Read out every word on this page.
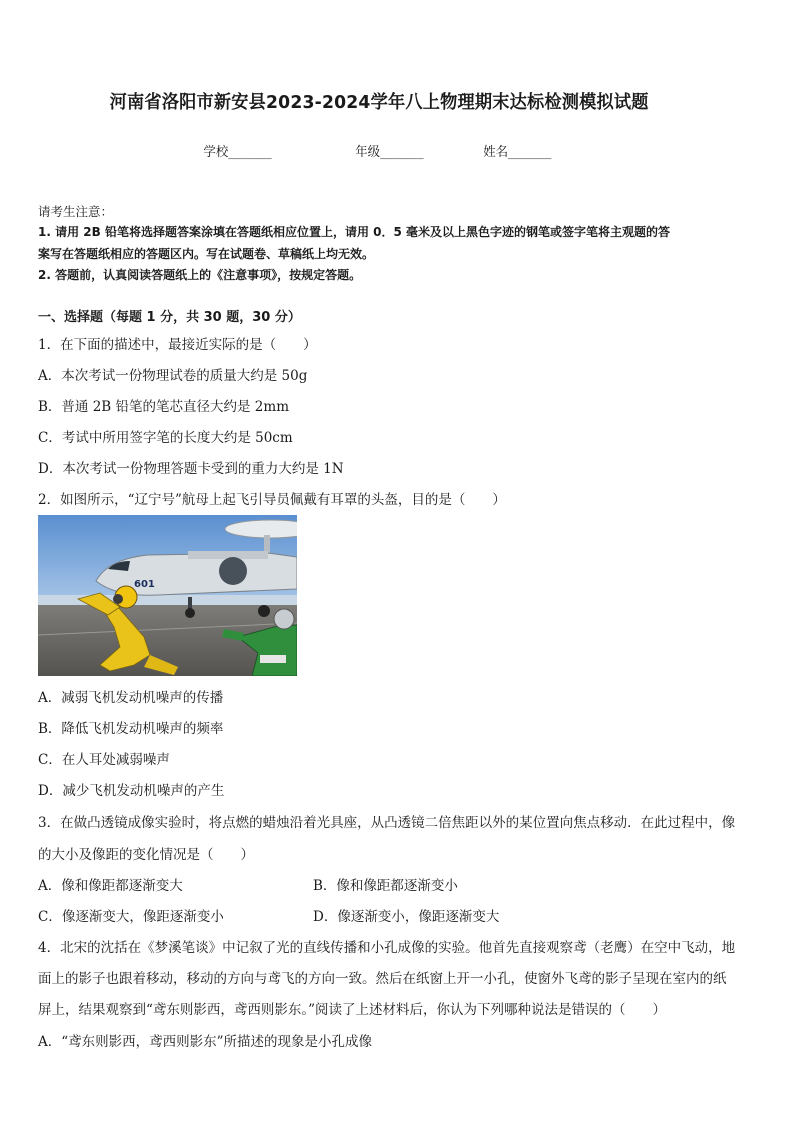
河南省洛阳市新安县2023-2024学年八上物理期末达标检测模拟试题
学校_______	年级_______	姓名_______
请考生注意：
1. 请用 2B 铅笔将选择题答案涂填在答题纸相应位置上，请用 0．5 毫米及以上黑色字迹的钢笔或签字笔将主观题的答
案写在答题纸相应的答题区内。写在试题卷、草稿纸上均无效。
2. 答题前，认真阅读答题纸上的《注意事项》，按规定答题。
一、选择题（每题 1 分，共 30 题，30 分）
1．在下面的描述中，最接近实际的是（　　）
A．本次考试一份物理试卷的质量大约是 50g
B．普通 2B 铅笔的笔芯直径大约是 2mm
C．考试中所用签字笔的长度大约是 50cm
D．本次考试一份物理答题卡受到的重力大约是 1N
2．如图所示，“辽宁号”航母上起飞引导员佩戴有耳罩的头盔，目的是（　　）
601
A．减弱飞机发动机噪声的传播
B．降低飞机发动机噪声的频率
C．在人耳处减弱噪声
D．减少飞机发动机噪声的产生
3．在做凸透镜成像实验时，将点燃的蜡烛沿着光具座，从凸透镜二倍焦距以外的某位置向焦点移动．在此过程中，像
的大小及像距的变化情况是（　　）
A．像和像距都逐渐变大	B．像和像距都逐渐变小
C．像逐渐变大，像距逐渐变小	D．像逐渐变小，像距逐渐变大
4．北宋的沈括在《梦溪笔谈》中记叙了光的直线传播和小孔成像的实验。他首先直接观察鸢（老鹰）在空中飞动，地
面上的影子也跟着移动，移动的方向与鸢飞的方向一致。然后在纸窗上开一小孔，使窗外飞鸢的影子呈现在室内的纸
屏上，结果观察到“鸢东则影西，鸢西则影东。”阅读了上述材料后，你认为下列哪种说法是错误的（　　）
A．“鸢东则影西，鸢西则影东”所描述的现象是小孔成像
